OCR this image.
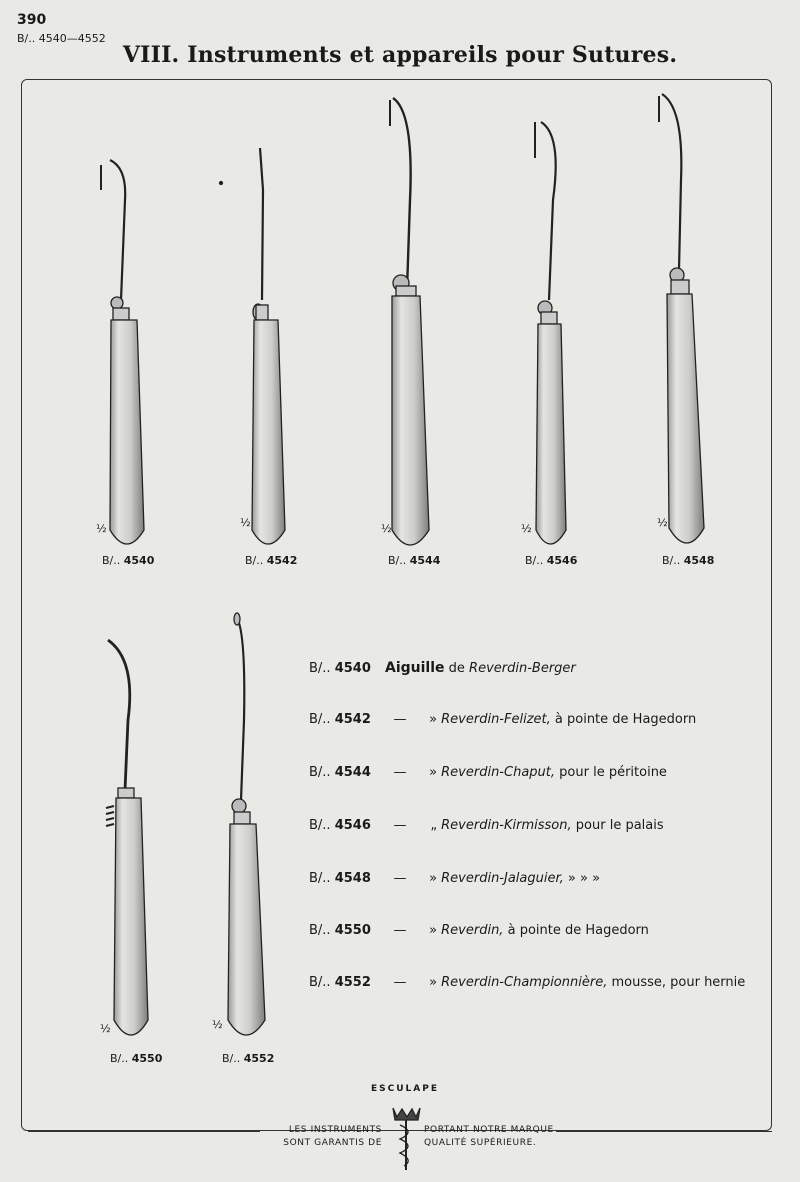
390
B/.. 4540—4552
VIII. Instruments et appareils pour Sutures.
B/.. 4540	B/.. 4542	B/.. 4544	B/.. 4546	B/.. 4548
B/.. 4550	B/.. 4552
½	½	½	½	½
½	½
B/.. 4540 Aiguille de Reverdin-Berger
B/.. 4542 — » Reverdin-Felizet, à pointe de Hagedorn
B/.. 4544 — » Reverdin-Chaput, pour le péritoine
B/.. 4546 — „ Reverdin-Kirmisson, pour le palais
B/.. 4548 — » Reverdin-Jalaguier, » » »
B/.. 4550 — » Reverdin, à pointe de Hagedorn
B/.. 4552 — » Reverdin-Championnière, mousse, pour hernie
ESCULAPE
LES INSTRUMENTS
SONT GARANTIS DE
PORTANT NOTRE MARQUE
QUALITÉ SUPÉRIEURE.
